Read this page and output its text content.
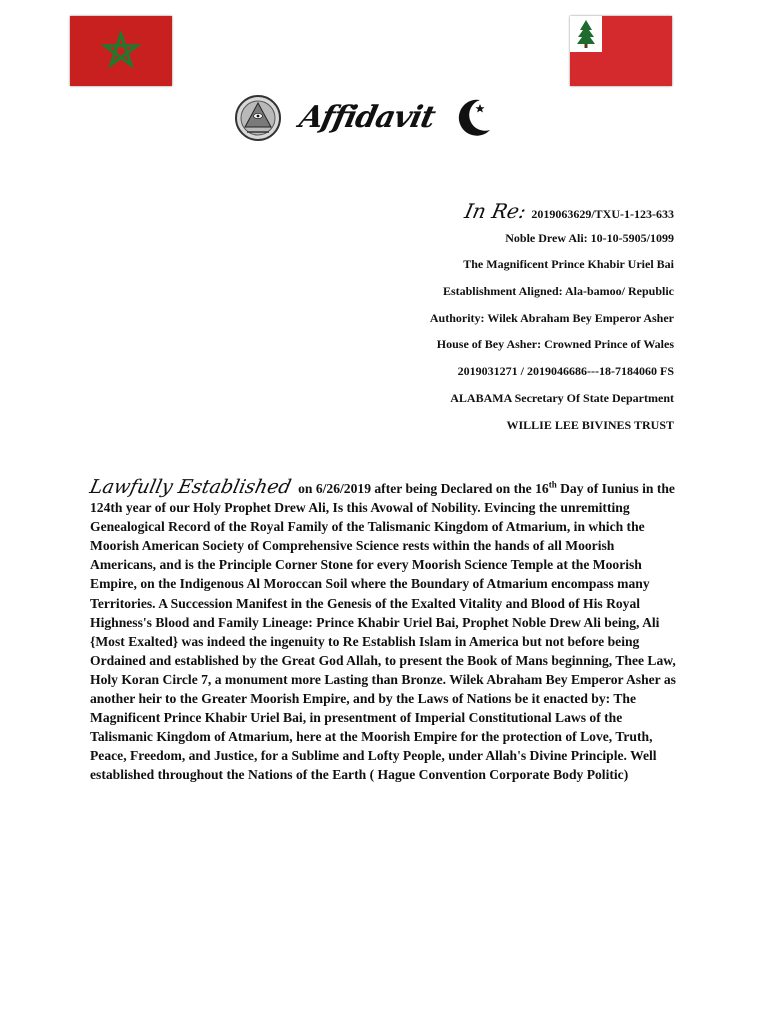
Affidavit
In Re: 2019063629/TXU-1-123-633
Noble Drew Ali: 10-10-5905/1099
The Magnificent Prince Khabir Uriel Bai
Establishment Aligned: Ala-bamoo/ Republic
Authority: Wilek Abraham Bey Emperor Asher
House of Bey Asher: Crowned Prince of Wales
2019031271 / 2019046686---18-7184060 FS
ALABAMA Secretary Of State Department
WILLIE LEE BIVINES TRUST
Lawfully Established on 6/26/2019 after being Declared on the 16th Day of Iunius in the 124th year of our Holy Prophet Drew Ali, Is this Avowal of Nobility. Evincing the unremitting Genealogical Record of the Royal Family of the Talismanic Kingdom of Atmarium, in which the Moorish American Society of Comprehensive Science rests within the hands of all Moorish Americans, and is the Principle Corner Stone for every Moorish Science Temple at the Moorish Empire, on the Indigenous Al Moroccan Soil where the Boundary of Atmarium encompass many Territories. A Succession Manifest in the Genesis of the Exalted Vitality and Blood of His Royal Highness's Blood and Family Lineage: Prince Khabir Uriel Bai, Prophet Noble Drew Ali being, Ali {Most Exalted} was indeed the ingenuity to Re Establish Islam in America but not before being Ordained and established by the Great God Allah, to present the Book of Mans beginning, Thee Law, Holy Koran Circle 7, a monument more Lasting than Bronze. Wilek Abraham Bey Emperor Asher as another heir to the Greater Moorish Empire, and by the Laws of Nations be it enacted by: The Magnificent Prince Khabir Uriel Bai, in presentment of Imperial Constitutional Laws of the Talismanic Kingdom of Atmarium, here at the Moorish Empire for the protection of Love, Truth, Peace, Freedom, and Justice, for a Sublime and Lofty People, under Allah's Divine Principle. Well established throughout the Nations of the Earth ( Hague Convention Corporate Body Politic)
